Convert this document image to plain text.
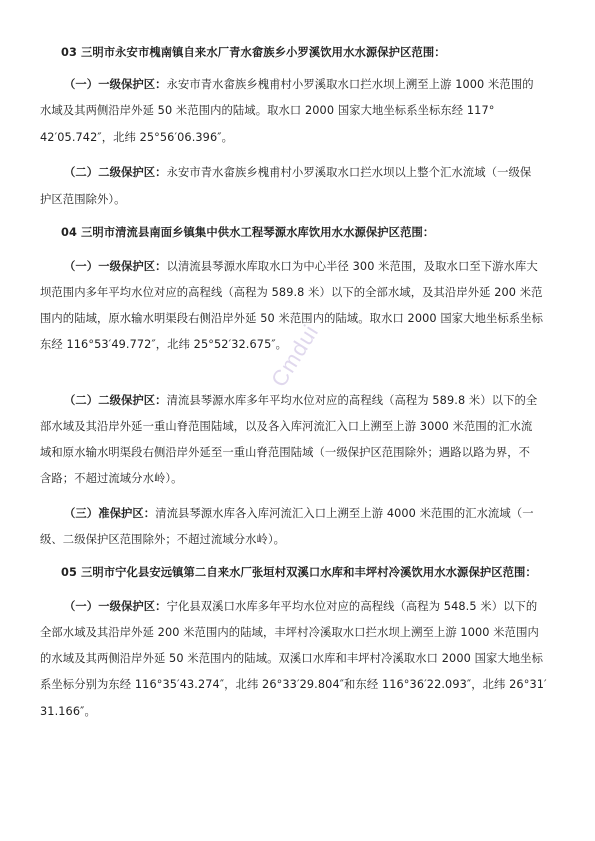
03 三明市永安市槐南镇自来水厂青水畲族乡小罗溪饮用水水源保护区范围：
（一）一级保护区：永安市青水畲族乡槐甫村小罗溪取水口拦水坝上溯至上游 1000 米范围的
水域及其两侧沿岸外延 50 米范围内的陆域。取水口 2000 国家大地坐标系坐标东经 117°
42′05.742″，北纬 25°56′06.396″。
（二）二级保护区：永安市青水畲族乡槐甫村小罗溪取水口拦水坝以上整个汇水流域（一级保
护区范围除外）。
04 三明市清流县南面乡镇集中供水工程琴源水库饮用水水源保护区范围：
（一）一级保护区：以清流县琴源水库取水口为中心半径 300 米范围，及取水口至下游水库大
坝范围内多年平均水位对应的高程线（高程为 589.8 米）以下的全部水域，及其沿岸外延 200 米范
围内的陆域，原水输水明渠段右侧沿岸外延 50 米范围内的陆域。取水口 2000 国家大地坐标系坐标
东经 116°53′49.772″，北纬 25°52′32.675″。
（二）二级保护区：清流县琴源水库多年平均水位对应的高程线（高程为 589.8 米）以下的全
部水域及其沿岸外延一重山脊范围陆域，以及各入库河流汇入口上溯至上游 3000 米范围的汇水流
域和原水输水明渠段右侧沿岸外延至一重山脊范围陆域（一级保护区范围除外；遇路以路为界，不
含路；不超过流域分水岭）。
（三）准保护区：清流县琴源水库各入库河流汇入口上溯至上游 4000 米范围的汇水流域（一
级、二级保护区范围除外；不超过流域分水岭）。
05 三明市宁化县安远镇第二自来水厂张垣村双溪口水库和丰坪村冷溪饮用水水源保护区范围：
（一）一级保护区：宁化县双溪口水库多年平均水位对应的高程线（高程为 548.5 米）以下的
全部水域及其沿岸外延 200 米范围内的陆域，丰坪村冷溪取水口拦水坝上溯至上游 1000 米范围内
的水域及其两侧沿岸外延 50 米范围内的陆域。双溪口水库和丰坪村冷溪取水口 2000 国家大地坐标
系坐标分别为东经 116°35′43.274″，北纬 26°33′29.804″和东经 116°36′22.093″，北纬 26°31′
31.166″。
Cmdui
